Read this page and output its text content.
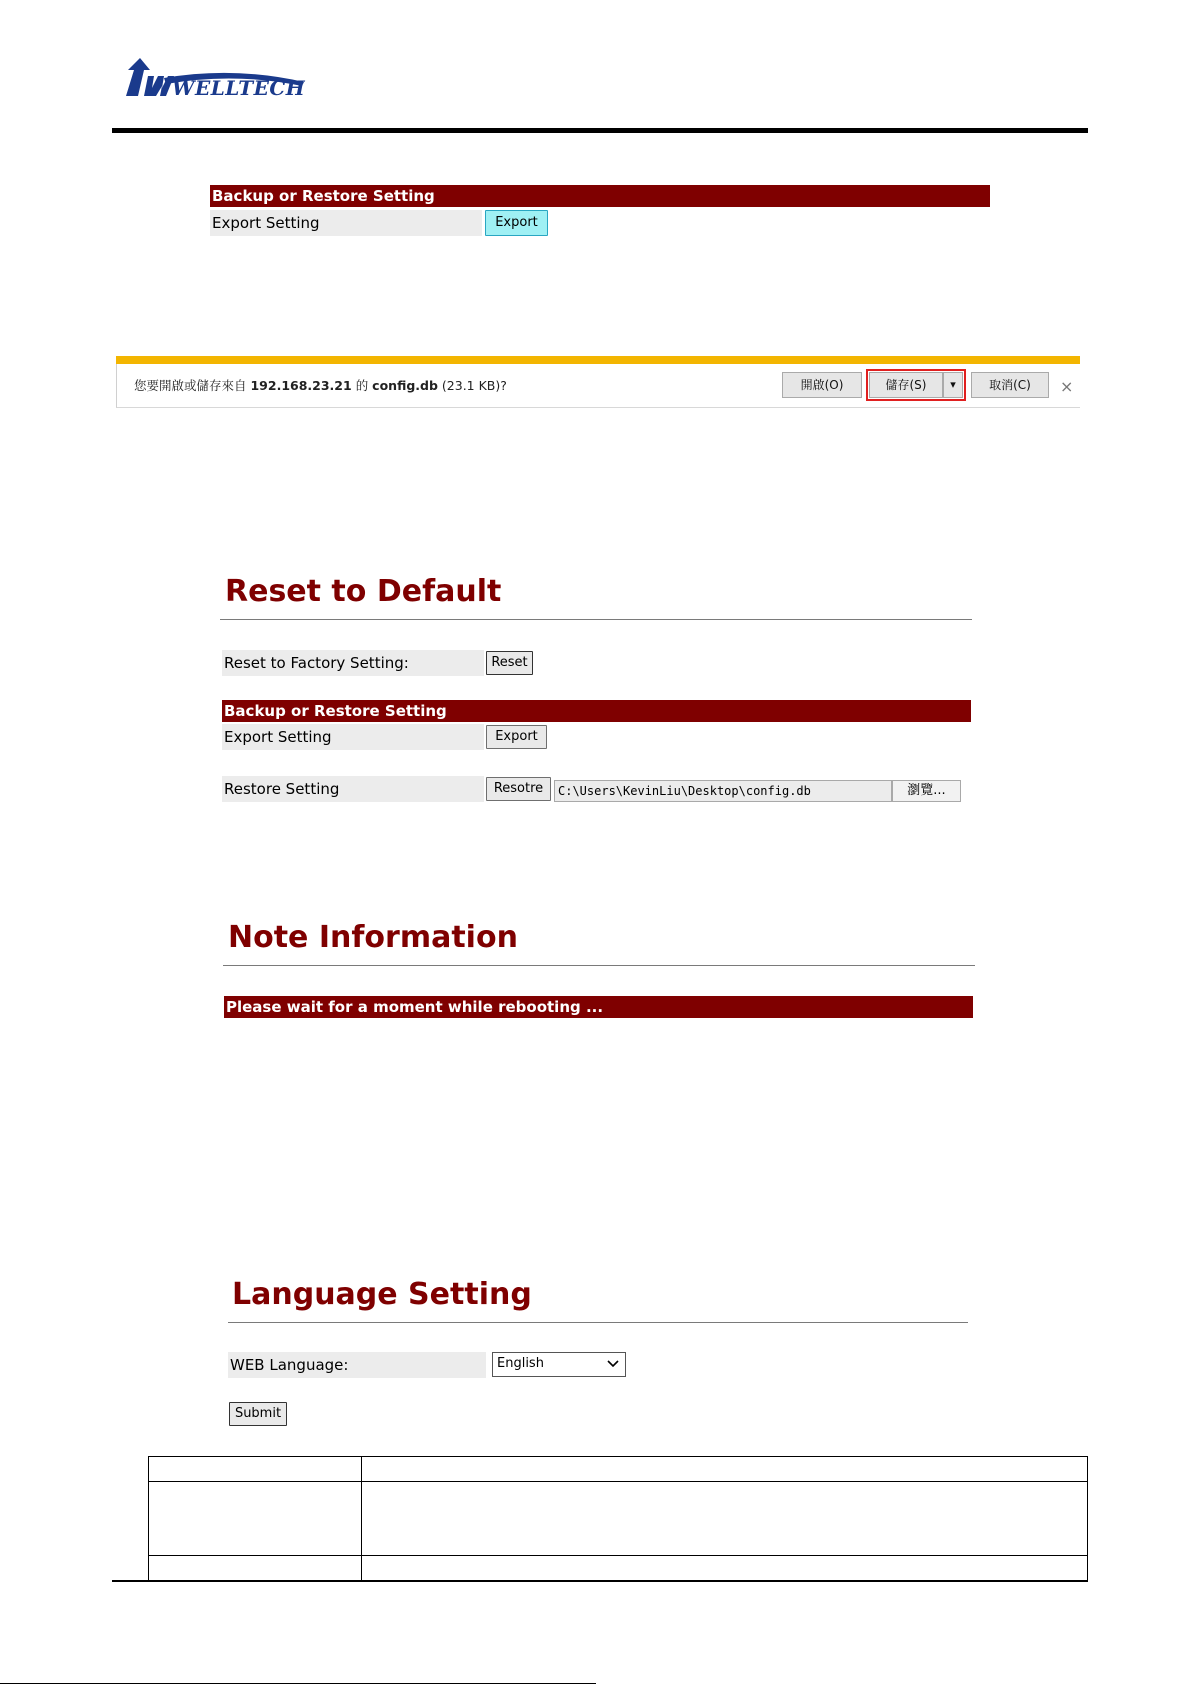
WELLTECH
Backup or Restore Setting
Export Setting	Export
您要開啟或儲存來自 192.168.23.21 的 config.db (23.1 KB)?	開啟(O)	儲存(S)	▾	取消(C)	×
Reset to Default
Reset to Factory Setting:	Reset
Backup or Restore Setting
Export Setting	Export
Restore Setting	Resotre	C:\Users\KevinLiu\Desktop\config.db	瀏覽...
Note Information
Please wait for a moment while rebooting ...
Language Setting
WEB Language:	English
Submit
